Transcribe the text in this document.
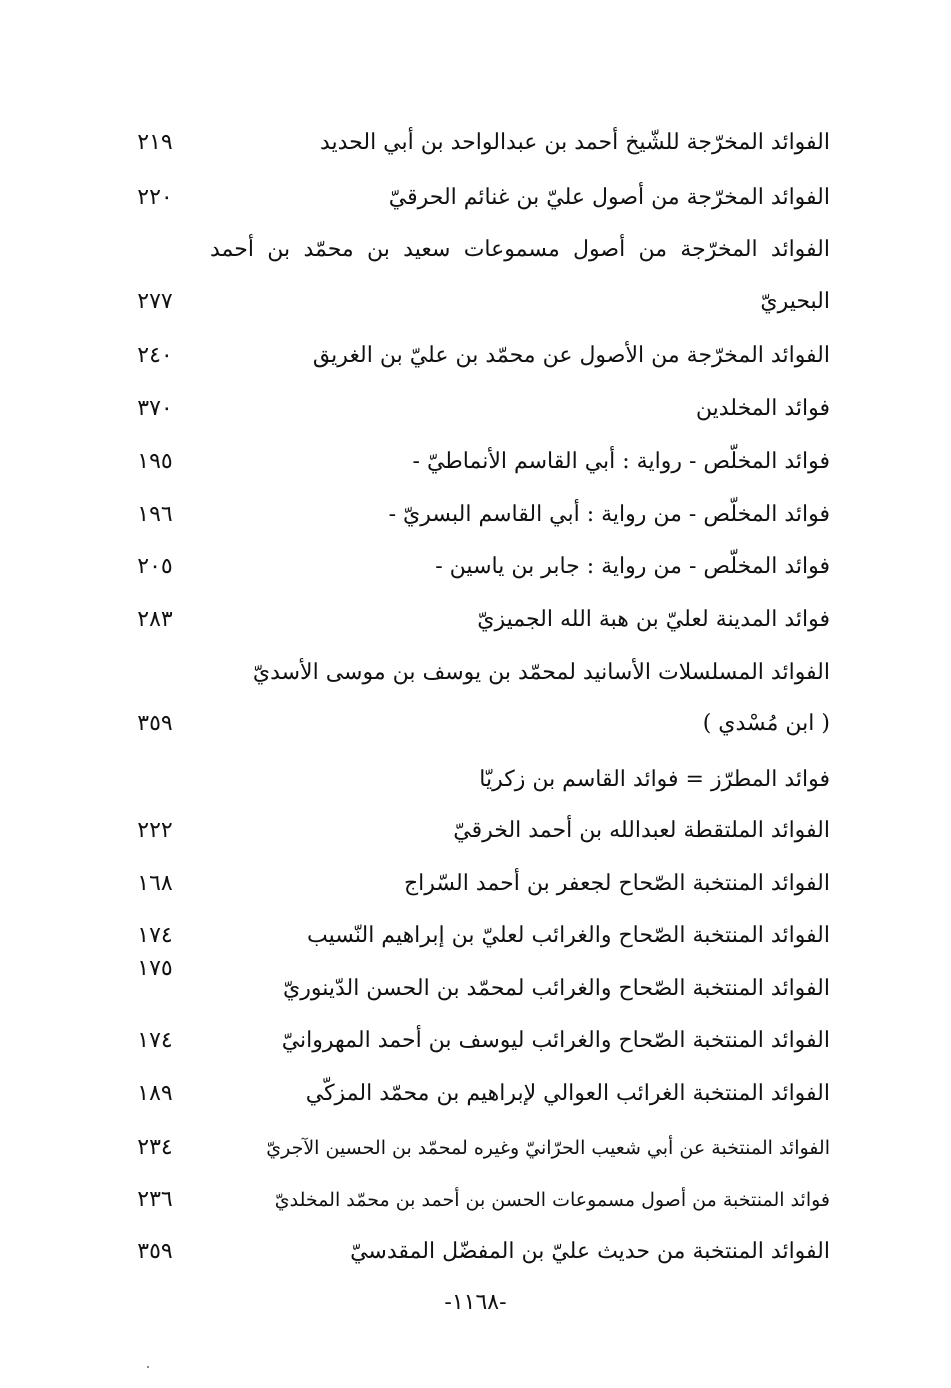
الفوائد المخرّجة للشّيخ أحمد بن عبدالواحد بن أبي الحديد
٢١٩
الفوائد المخرّجة من أصول عليّ بن غنائم الحرقيّ
٢٢٠
الفوائد المخرّجة من أصول مسموعات سعيد بن محمّد بن أحمد
البحيريّ
٢٧٧
الفوائد المخرّجة من الأصول عن محمّد بن عليّ بن الغريق
٢٤٠
فوائد المخلدين
٣٧٠
فوائد المخلّص - رواية : أبي القاسم الأنماطيّ -
١٩٥
فوائد المخلّص - من رواية : أبي القاسم البسريّ -
١٩٦
فوائد المخلّص - من رواية : جابر بن ياسين -
٢٠٥
فوائد المدينة لعليّ بن هبة الله الجميزيّ
٢٨٣
الفوائد المسلسلات الأسانيد لمحمّد بن يوسف بن موسى الأسديّ
( ابن مُسْدي )
٣٥٩
فوائد المطرّز = فوائد القاسم بن زكريّا
الفوائد الملتقطة لعبدالله بن أحمد الخرقيّ
٢٢٢
الفوائد المنتخبة الصّحاح لجعفر بن أحمد السّراج
١٦٨
الفوائد المنتخبة الصّحاح والغرائب لعليّ بن إبراهيم النّسيب
١٧٤
الفوائد المنتخبة الصّحاح والغرائب لمحمّد بن الحسن الدّينوريّ
١٧٥
الفوائد المنتخبة الصّحاح والغرائب ليوسف بن أحمد المهروانيّ
١٧٤
الفوائد المنتخبة الغرائب العوالي لإبراهيم بن محمّد المزكّي
١٨٩
الفوائد المنتخبة عن أبي شعيب الحرّانيّ وغيره لمحمّد بن الحسين الآجريّ
٢٣٤
فوائد المنتخبة من أصول مسموعات الحسن بن أحمد بن محمّد المخلديّ
٢٣٦
الفوائد المنتخبة من حديث عليّ بن المفضّل المقدسيّ
٣٥٩
-١١٦٨-
